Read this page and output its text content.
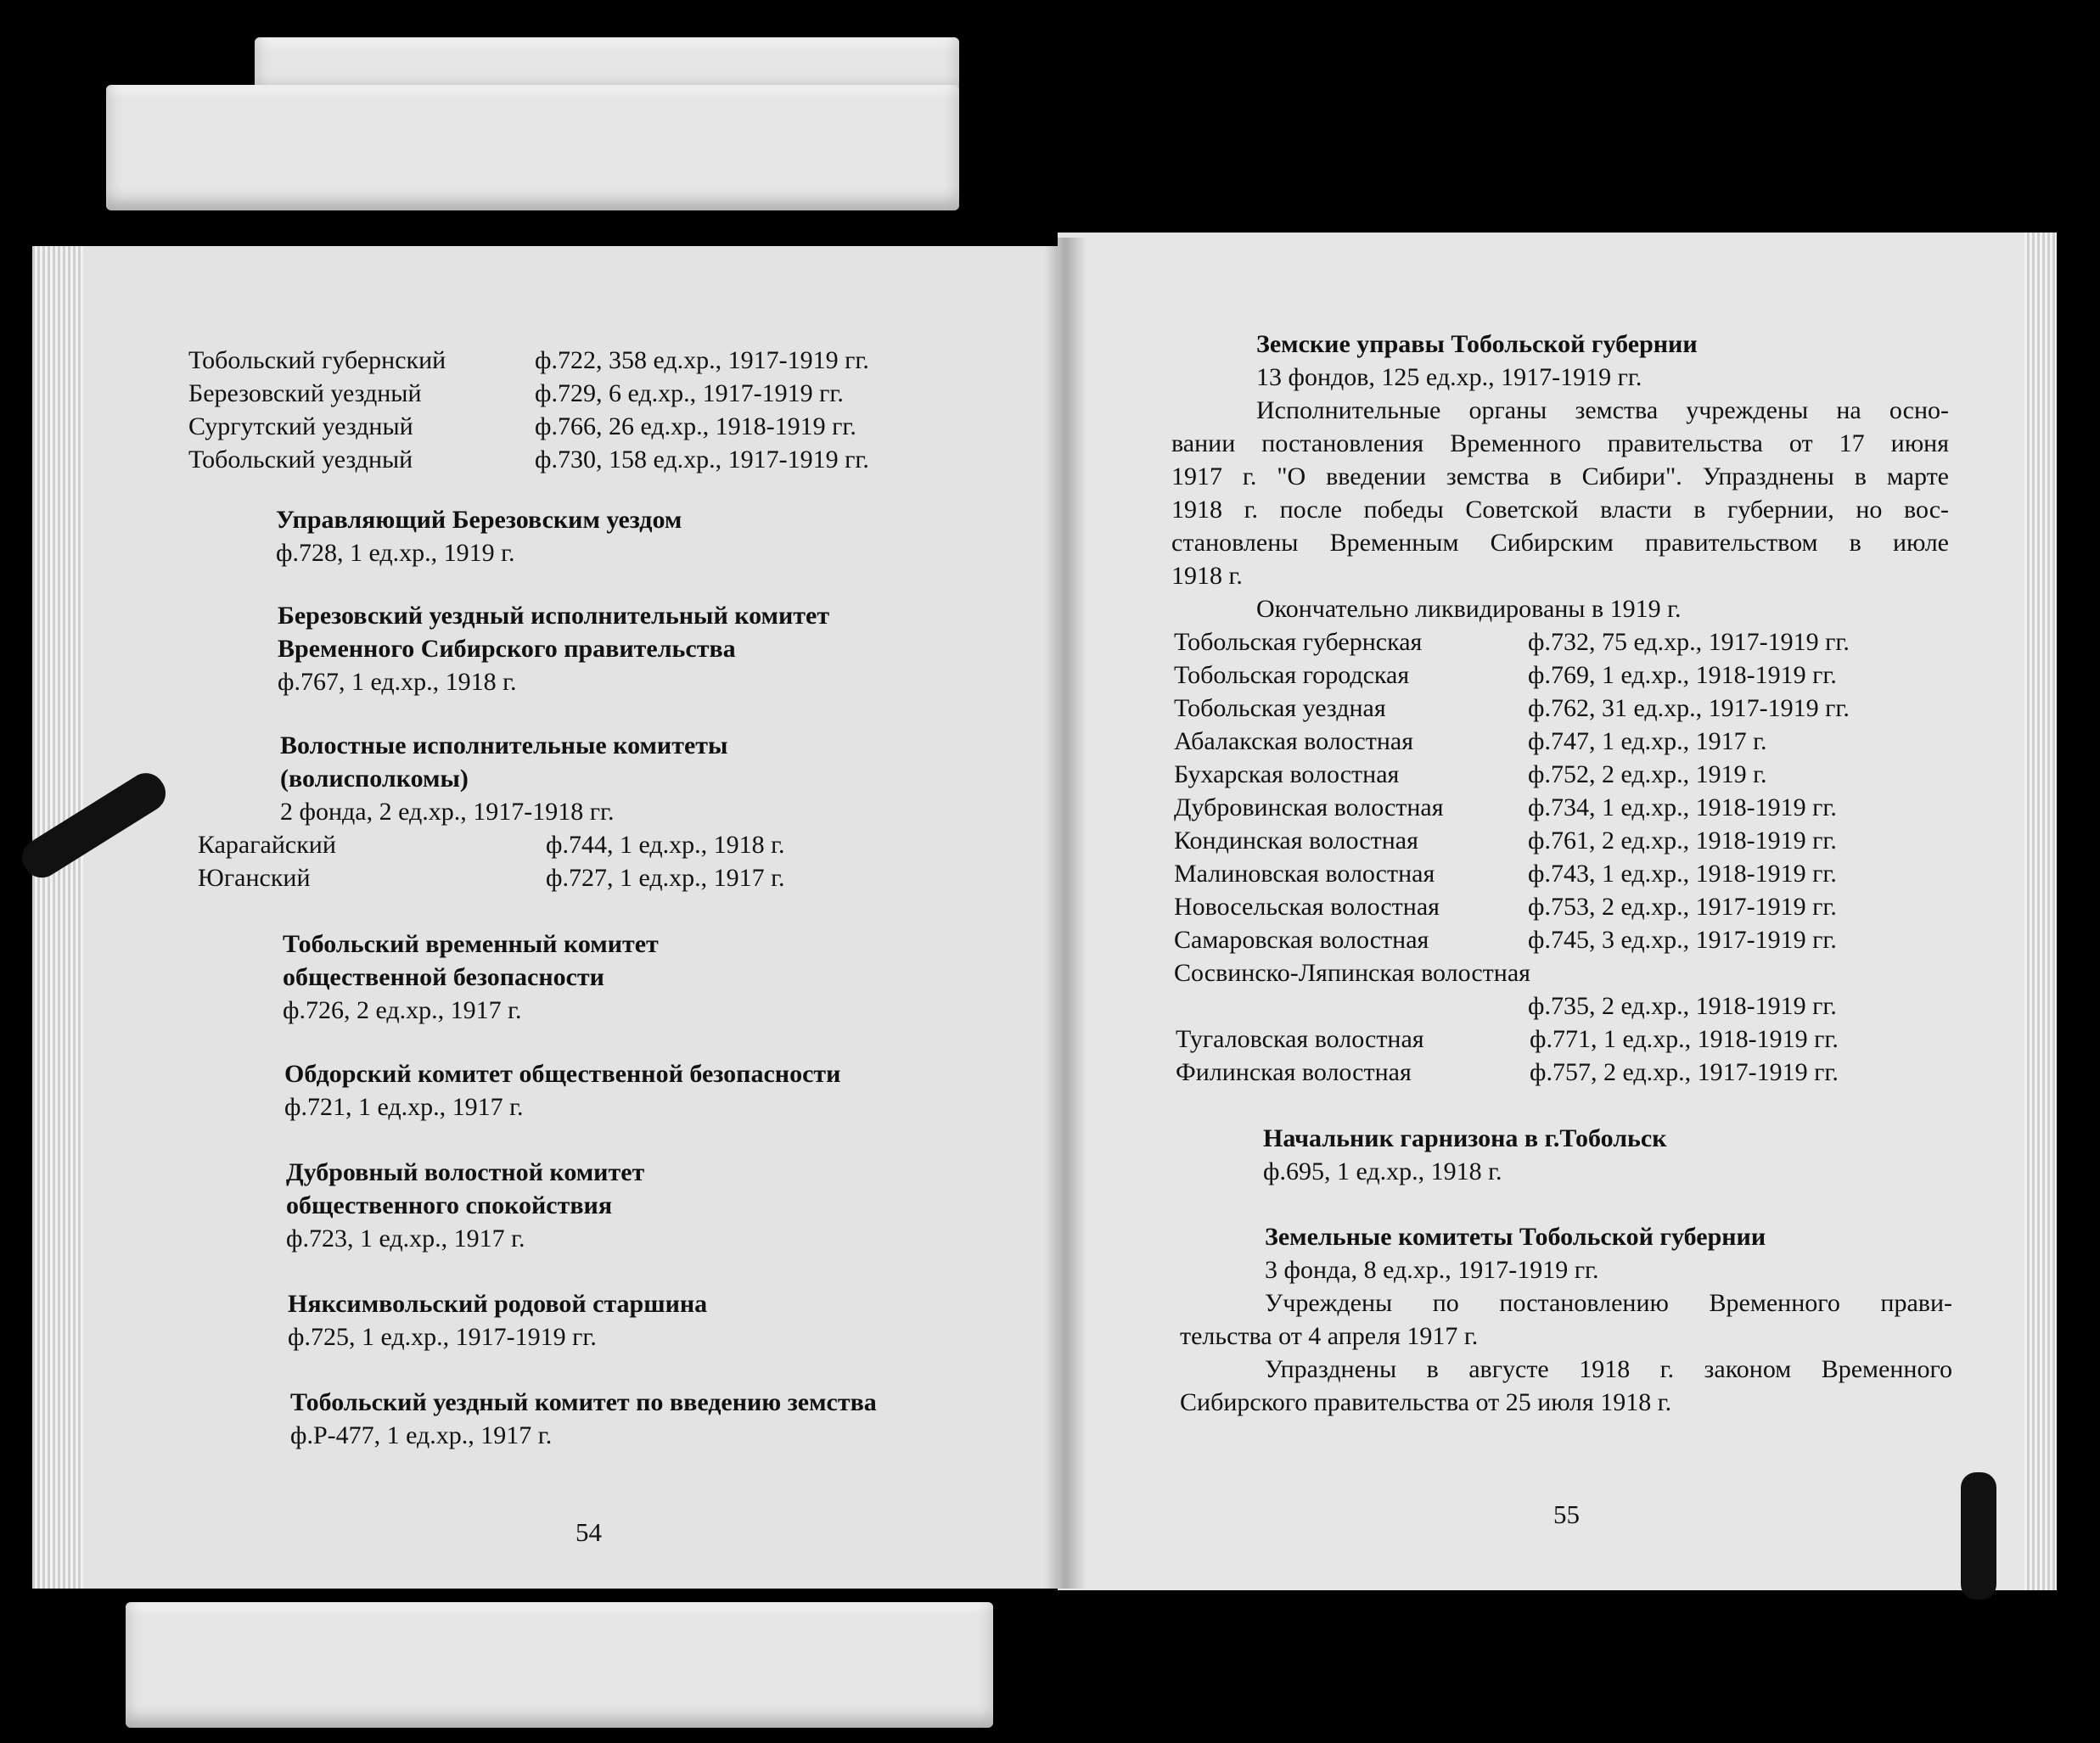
Тобольский губернский	ф.722, 358 ед.хр., 1917-1919 гг.
Березовский уездный	ф.729, 6 ед.хр., 1917-1919 гг.
Сургутский уездный	ф.766, 26 ед.хр., 1918-1919 гг.
Тобольский уездный	ф.730, 158 ед.хр., 1917-1919 гг.
Управляющий Березовским уездом
ф.728, 1 ед.хр., 1919 г.
Березовский уездный исполнительный комитет
Временного Сибирского правительства
ф.767, 1 ед.хр., 1918 г.
Волостные исполнительные комитеты
(волисполкомы)
2 фонда, 2 ед.хр., 1917-1918 гг.
Карагайский	ф.744, 1 ед.хр., 1918 г.
Юганский	ф.727, 1 ед.хр., 1917 г.
Тобольский временный комитет
общественной безопасности
ф.726, 2 ед.хр., 1917 г.
Обдорский комитет общественной безопасности
ф.721, 1 ед.хр., 1917 г.
Дубровный волостной комитет
общественного спокойствия
ф.723, 1 ед.хр., 1917 г.
Няксимвольский родовой старшина
ф.725, 1 ед.хр., 1917-1919 гг.
Тобольский уездный комитет по введению земства
ф.Р-477, 1 ед.хр., 1917 г.
54
Земские управы Тобольской губернии
13 фондов, 125 ед.хр., 1917-1919 гг.
Исполнительные органы земства учреждены на осно-
вании постановления Временного правительства от 17 июня
1917 г. "О введении земства в Сибири". Упразднены в марте
1918 г. после победы Советской власти в губернии, но вос-
становлены Временным Сибирским правительством в июле
1918 г.
Окончательно ликвидированы в 1919 г.
Тобольская губернская	ф.732, 75 ед.хр., 1917-1919 гг.
Тобольская городская	ф.769, 1 ед.хр., 1918-1919 гг.
Тобольская уездная	ф.762, 31 ед.хр., 1917-1919 гг.
Абалакская волостная	ф.747, 1 ед.хр., 1917 г.
Бухарская волостная	ф.752, 2 ед.хр., 1919 г.
Дубровинская волостная	ф.734, 1 ед.хр., 1918-1919 гг.
Кондинская волостная	ф.761, 2 ед.хр., 1918-1919 гг.
Малиновская волостная	ф.743, 1 ед.хр., 1918-1919 гг.
Новосельская волостная	ф.753, 2 ед.хр., 1917-1919 гг.
Самаровская волостная	ф.745, 3 ед.хр., 1917-1919 гг.
Сосвинско-Ляпинская волостная
ф.735, 2 ед.хр., 1918-1919 гг.
Тугаловская волостная	ф.771, 1 ед.хр., 1918-1919 гг.
Филинская волостная	ф.757, 2 ед.хр., 1917-1919 гг.
Начальник гарнизона в г.Тобольск
ф.695, 1 ед.хр., 1918 г.
Земельные комитеты Тобольской губернии
3 фонда, 8 ед.хр., 1917-1919 гг.
Учреждены по постановлению Временного прави-
тельства от 4 апреля 1917 г.
Упразднены в августе 1918 г. законом Временного
Сибирского правительства от 25 июля 1918 г.
55
